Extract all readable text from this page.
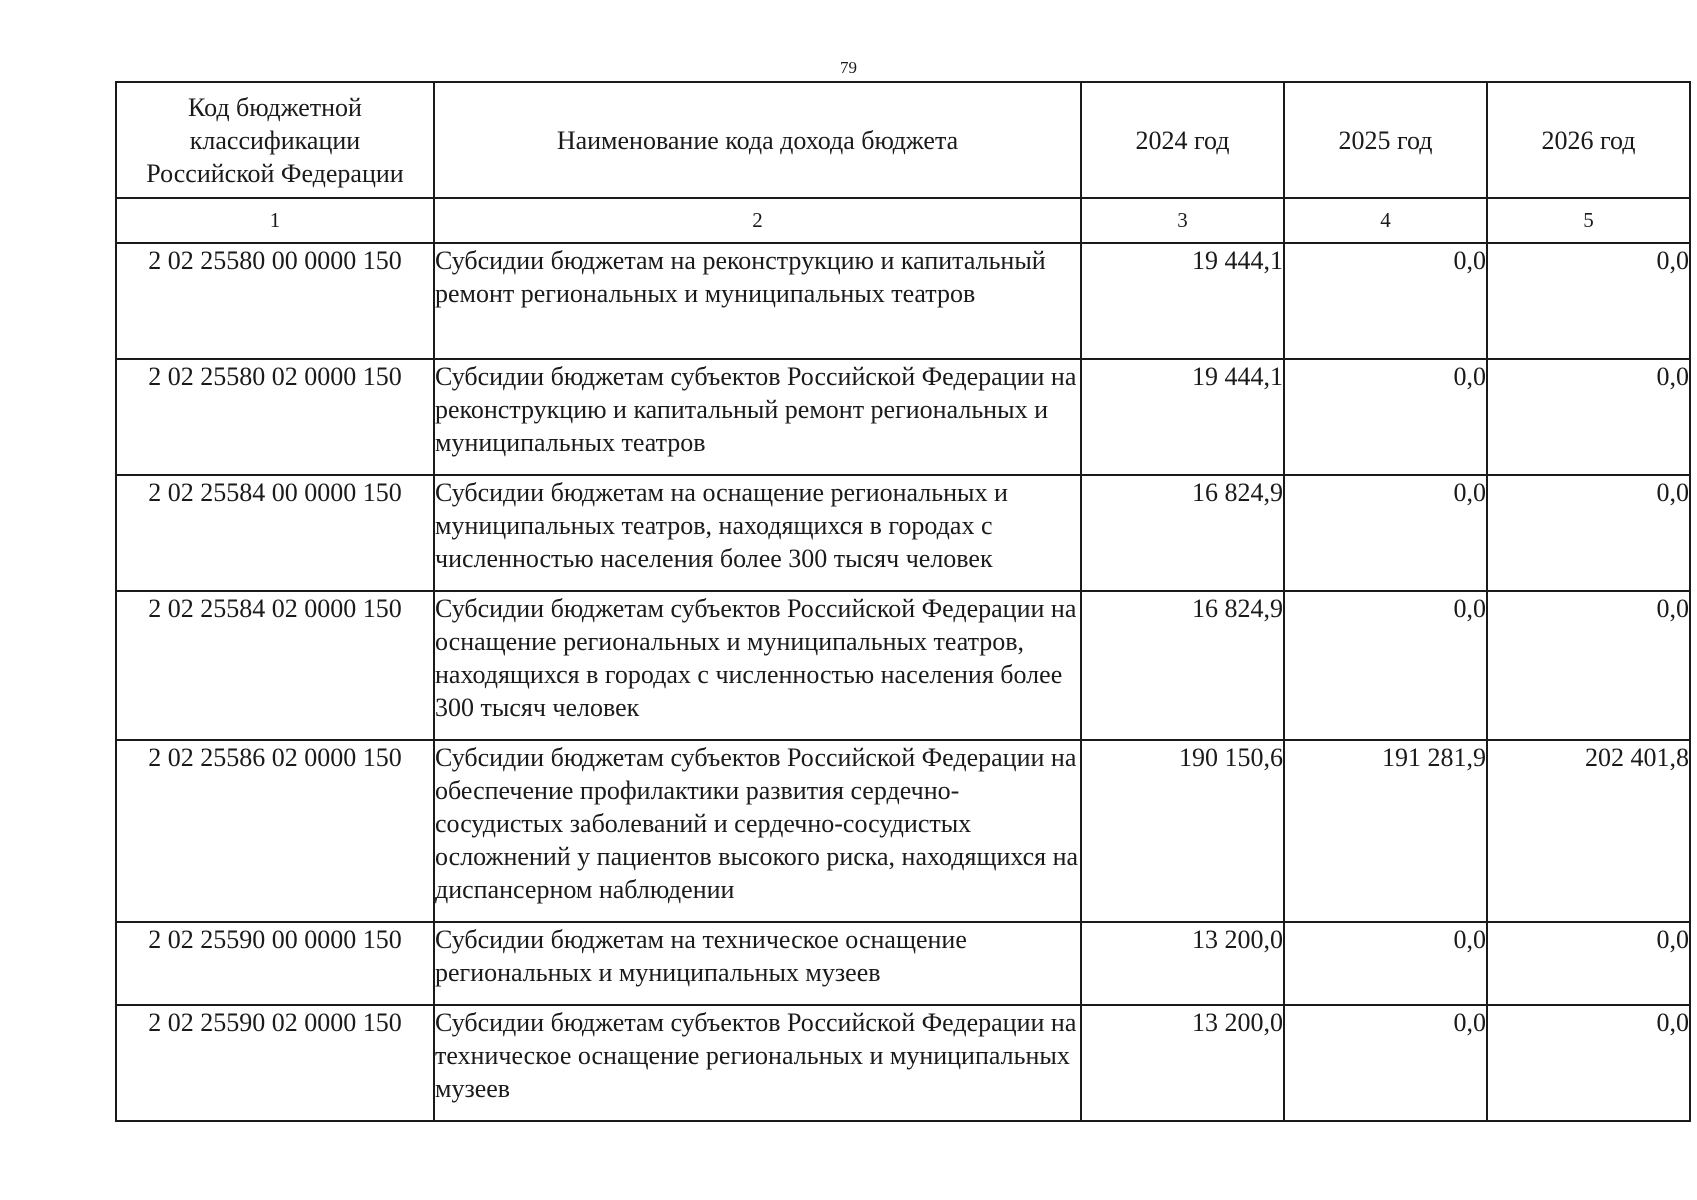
79
Код бюджетной классификации Российской Федерации	Наименование кода дохода бюджета	2024 год	2025 год	2026 год
1	2	3	4	5
2 02 25580 00 0000 150	Субсидии бюджетам на реконструкцию и капитальный ремонт региональных и муниципальных театров	19 444,1	0,0	0,0
2 02 25580 02 0000 150	Субсидии бюджетам субъектов Российской Федерации на реконструкцию и капитальный ремонт региональных и муниципальных театров	19 444,1	0,0	0,0
2 02 25584 00 0000 150	Субсидии бюджетам на оснащение региональных и муниципальных театров, находящихся в городах с численностью населения более 300 тысяч человек	16 824,9	0,0	0,0
2 02 25584 02 0000 150	Субсидии бюджетам субъектов Российской Федерации на оснащение региональных и муниципальных театров, находящихся в городах с численностью населения более 300 тысяч человек	16 824,9	0,0	0,0
2 02 25586 02 0000 150	Субсидии бюджетам субъектов Российской Федерации на обеспечение профилактики развития сердечно-сосудистых заболеваний и сердечно-сосудистых осложнений у пациентов высокого риска, находящихся на диспансерном наблюдении	190 150,6	191 281,9	202 401,8
2 02 25590 00 0000 150	Субсидии бюджетам на техническое оснащение региональных и муниципальных музеев	13 200,0	0,0	0,0
2 02 25590 02 0000 150	Субсидии бюджетам субъектов Российской Федерации на техническое оснащение региональных и муниципальных музеев	13 200,0	0,0	0,0
